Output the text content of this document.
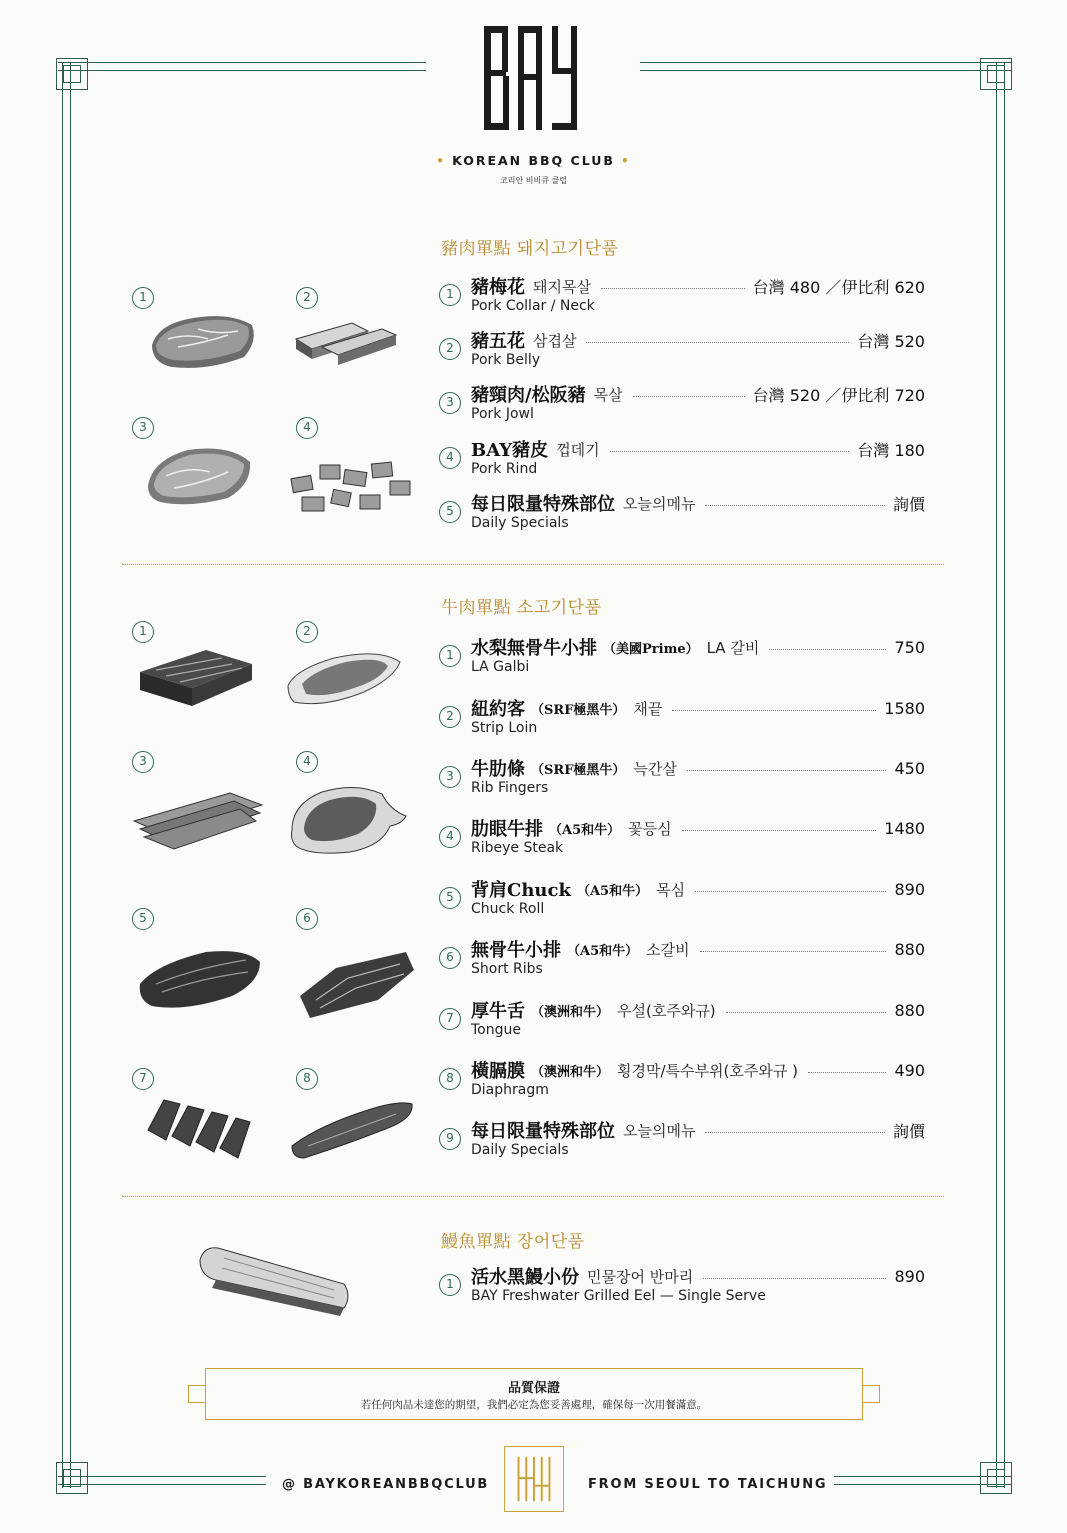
• KOREAN BBQ CLUB •
코리안 비비큐 클럽
豬肉單點 돼지고기단품
1	2
3	4
1 豬梅花 돼지목살	台灣 480 ／伊比利 620
Pork Collar / Neck
2 豬五花 삼겹살	台灣 520
Pork Belly
3 豬頸肉/松阪豬 목살	台灣 520 ／伊比利 720
Pork Jowl
4 BAY豬皮 껍데기	台灣 180
Pork Rind
5 每日限量特殊部位 오늘의메뉴	詢價
Daily Specials
牛肉單點 소고기단품
1	2
3	4
5	6
7	8
1 水梨無骨牛小排 （美國Prime） LA 갈비	750
LA Galbi
2 紐約客 （SRF極黑牛） 채끝	1580
Strip Loin
3 牛肋條 （SRF極黑牛） 늑간살	450
Rib Fingers
4 肋眼牛排 （A5和牛） 꽃등심	1480
Ribeye Steak
5 背肩Chuck （A5和牛） 목심	890
Chuck Roll
6 無骨牛小排 （A5和牛） 소갈비	880
Short Ribs
7 厚牛舌 （澳洲和牛） 우설(호주와규)	880
Tongue
8 橫膈膜 （澳洲和牛） 횡경막/특수부위(호주와규 )	490
Diaphragm
9 每日限量特殊部位 오늘의메뉴	詢價
Daily Specials
鰻魚單點 장어단품
1 活水黑鰻小份 민물장어 반마리	890
BAY Freshwater Grilled Eel — Single Serve
品質保證
若任何肉品未達您的期望，我們必定為您妥善處理，確保每一次用餐滿意。
@ BAYKOREANBBQCLUB	FROM SEOUL TO TAICHUNG
